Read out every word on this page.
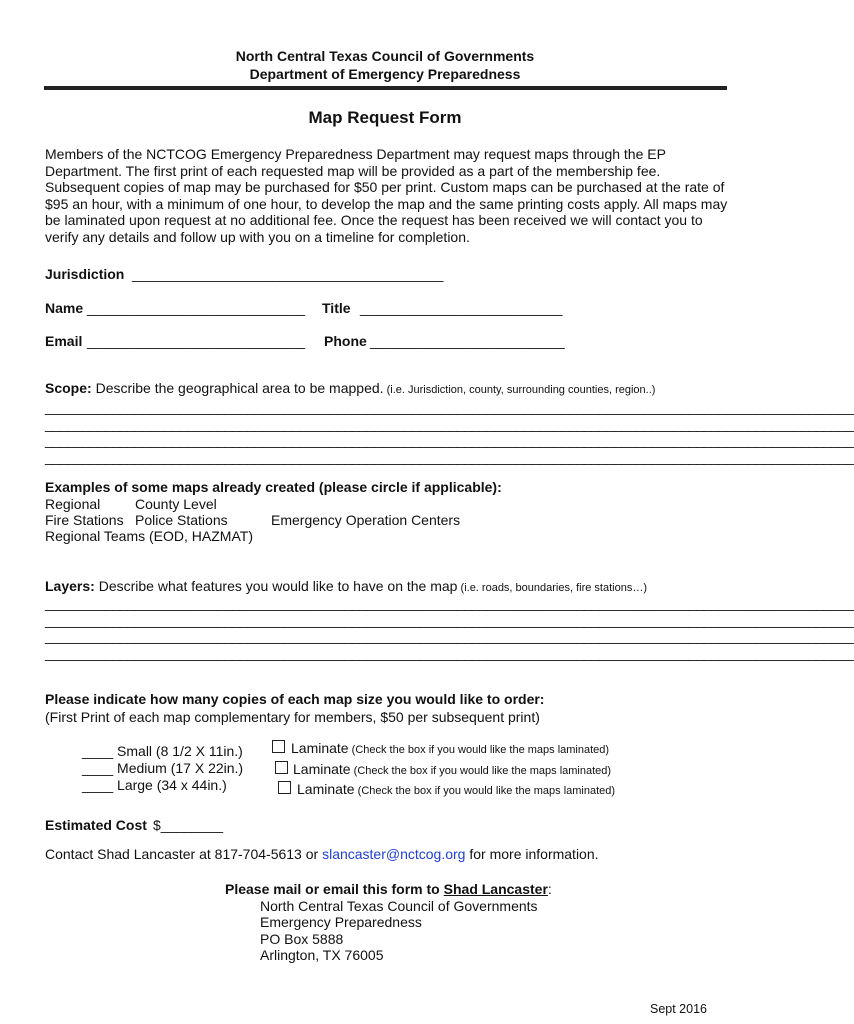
North Central Texas Council of Governments
Department of Emergency Preparedness
Map Request Form
Members of the NCTCOG Emergency Preparedness Department may request maps through the EP
Department. The first print of each requested map will be provided as a part of the membership fee.
Subsequent copies of map may be purchased for $50 per print. Custom maps can be purchased at the rate of
$95 an hour, with a minimum of one hour, to develop the map and the same printing costs apply. All maps may
be laminated upon request at no additional fee. Once the request has been received we will contact you to
verify any details and follow up with you on a timeline for completion.
Jurisdiction ________________________________________
Name ____________________________ Title __________________________
Email ____________________________ Phone _________________________
Scope: Describe the geographical area to be mapped. (i.e. Jurisdiction, county, surrounding counties, region..)
____________________________________________________________________________________________________________
____________________________________________________________________________________________________________
____________________________________________________________________________________________________________
____________________________________________________________________________________________________________
Examples of some maps already created (please circle if applicable):
Regional County Level
Fire Stations Police Stations	Emergency Operation Centers
Regional Teams (EOD, HAZMAT)
Layers: Describe what features you would like to have on the map (i.e. roads, boundaries, fire stations…)
____________________________________________________________________________________________________________
____________________________________________________________________________________________________________
____________________________________________________________________________________________________________
____________________________________________________________________________________________________________
Please indicate how many copies of each map size you would like to order:
(First Print of each map complementary for members, $50 per subsequent print)
____ Small (8 1/2 X 11in.)
____ Medium (17 X 22in.)
____ Large (34 x 44in.)
Laminate (Check the box if you would like the maps laminated)
Laminate (Check the box if you would like the maps laminated)
Laminate (Check the box if you would like the maps laminated)
Estimated Cost $________
Contact Shad Lancaster at 817-704-5613 or slancaster@nctcog.org for more information.
Please mail or email this form to Shad Lancaster:
North Central Texas Council of Governments
Emergency Preparedness
PO Box 5888
Arlington, TX 76005
Sept 2016
